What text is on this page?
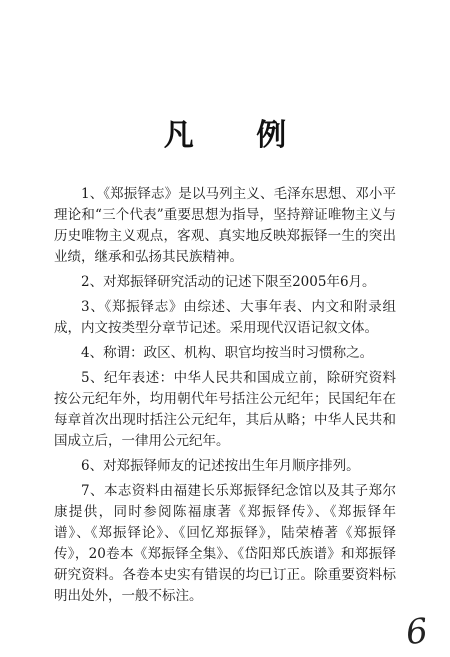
凡 例

1、《郑振铎志》是以马列主义、毛泽东思想、邓小平理论和“三个代表”重要思想为指导，坚持辩证唯物主义与历史唯物主义观点，客观、真实地反映郑振铎一生的突出业绩，继承和弘扬其民族精神。

2、对郑振铎研究活动的记述下限至2005年6月。

3、《郑振铎志》由综述、大事年表、内文和附录组成，内文按类型分章节记述。采用现代汉语记叙文体。

4、称谓：政区、机构、职官均按当时习惯称之。

5、纪年表述：中华人民共和国成立前，除研究资料按公元纪年外，均用朝代年号括注公元纪年；民国纪年在每章首次出现时括注公元纪年，其后从略；中华人民共和国成立后，一律用公元纪年。

6、对郑振铎师友的记述按出生年月顺序排列。

7、本志资料由福建长乐郑振铎纪念馆以及其子郑尔康提供，同时参阅陈福康著《郑振铎传》、《郑振铎年谱》、《郑振铎论》、《回忆郑振铎》，陆荣椿著《郑振铎传》，20卷本《郑振铎全集》、《岱阳郑氏族谱》和郑振铎研究资料。各卷本史实有错误的均已订正。除重要资料标明出处外，一般不标注。

6
